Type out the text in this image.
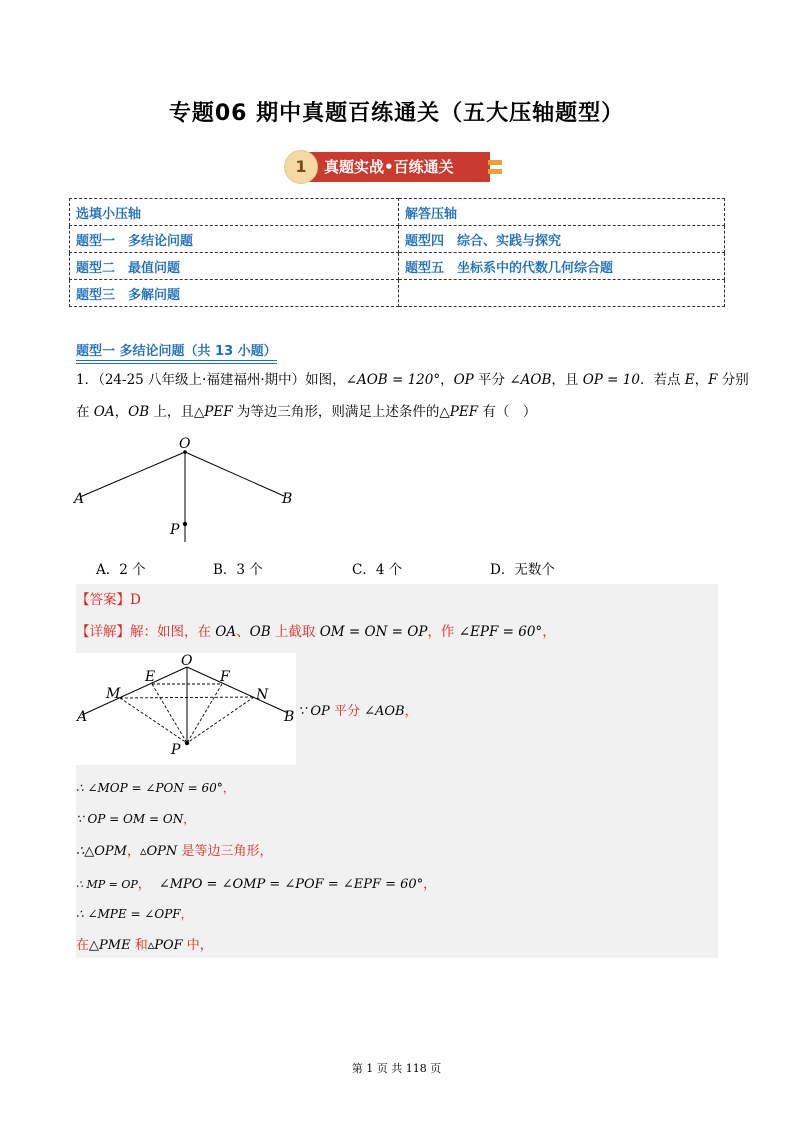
专题06 期中真题百练通关（五大压轴题型）
1	真题实战•百练通关
选填小压轴	解答压轴
题型一　多结论问题	题型四　综合、实践与探究
题型二　最值问题	题型五　坐标系中的代数几何综合题
题型三　多解问题	
题型一 多结论问题（共 13 小题）
1．（24-25 八年级上·福建福州·期中）如图，∠AOB = 120°，OP 平分 ∠AOB，且 OP = 10．若点 E，F 分别
在 OA，OB 上，且△PEF 为等边三角形，则满足上述条件的△PEF 有（　）
O
A	B
P
A．2 个	B．3 个	C．4 个	D．无数个
【答案】D
【详解】解：如图，在 OA、OB 上截取 OM = ON = OP，作 ∠EPF = 60°，
O
E	F
M	N
A	B
P
∵ OP 平分 ∠AOB，
∴ ∠MOP = ∠PON = 60°，
∵ OP = OM = ON，
∴△OPM，▵OPN 是等边三角形，
∴ MP = OP， ∠MPO = ∠OMP = ∠POF = ∠EPF = 60°，
∴ ∠MPE = ∠OPF，
在△PME 和▵POF 中，
第 1 页 共 118 页
